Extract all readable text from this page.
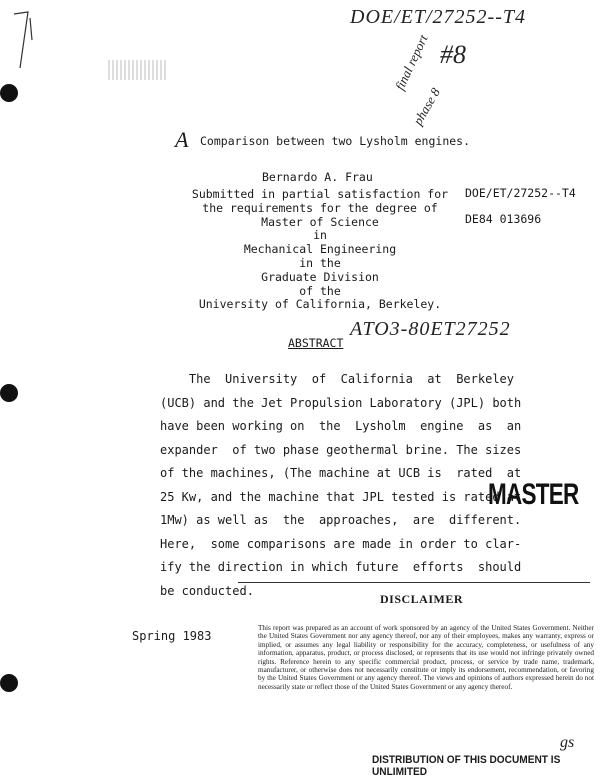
DOE/ET/27252--T4
#8
final report
phase 8
A Comparison between two Lysholm engines.
Bernardo A. Frau
Submitted in partial satisfaction for
the requirements for the degree of
Master of Science
in
Mechanical Engineering
in the
Graduate Division
of the
University of California, Berkeley.
DOE/ET/27252--T4
DE84 013696
ATO3-80ET27252
ABSTRACT
The  University  of  California  at  Berkeley
(UCB) and the Jet Propulsion Laboratory (JPL) both
have been working on  the  Lysholm  engine  as  an
expander  of two phase geothermal brine. The sizes
of the machines, (The machine at UCB is  rated  at
25 Kw, and the machine that JPL tested is rated at
1Mw) as well as  the  approaches,  are  different.
Here,  some comparisons are made in order to clar-
ify the direction in which future  efforts  should
be conducted.
MASTER
DISCLAIMER
This report was prepared as an account of work sponsored by an agency of the United States Government. Neither the United States Government nor any agency thereof, nor any of their employees, makes any warranty, express or implied, or assumes any legal liability or responsibility for the accuracy, completeness, or usefulness of any information, apparatus, product, or process disclosed, or represents that its use would not infringe privately owned rights. Reference herein to any specific commercial product, process, or service by trade name, trademark, manufacturer, or otherwise does not necessarily constitute or imply its endorsement, recommendation, or favoring by the United States Government or any agency thereof. The views and opinions of authors expressed herein do not necessarily state or reflect those of the United States Government or any agency thereof.
Spring 1983
DISTRIBUTION OF THIS DOCUMENT IS UNLIMITED
gs
